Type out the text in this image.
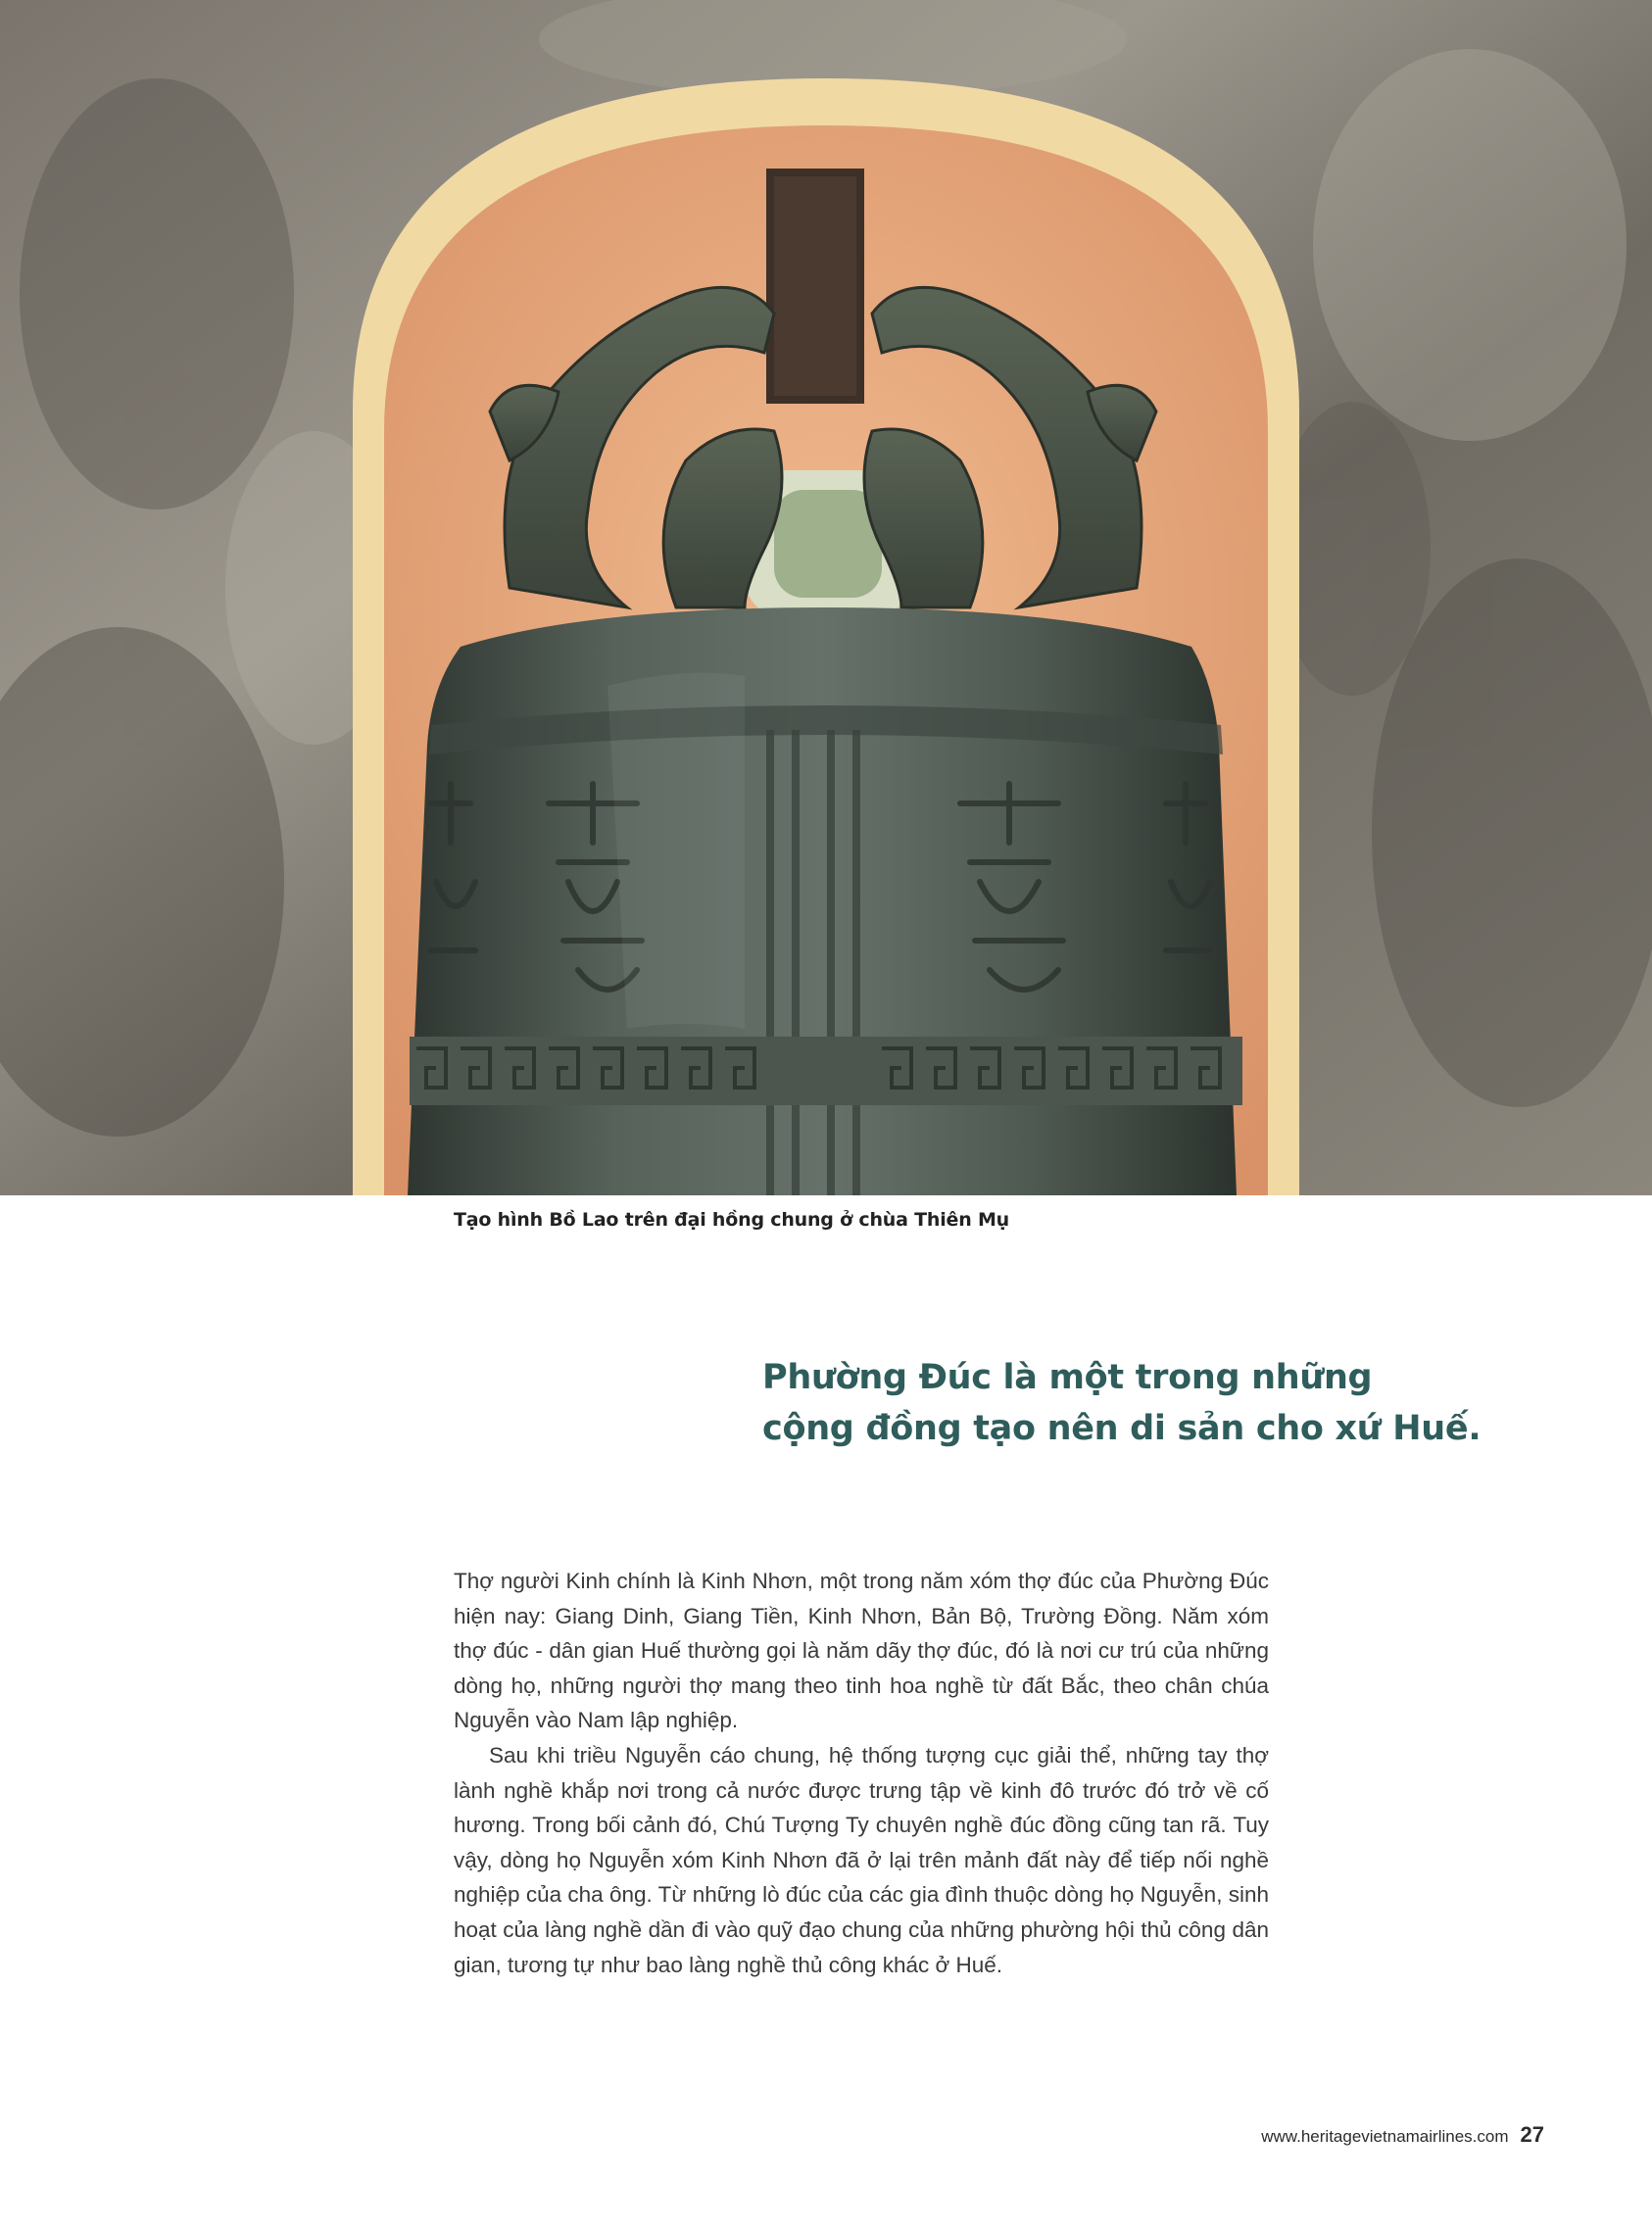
Tạo hình Bồ Lao trên đại hồng chung ở chùa Thiên Mụ
Phường Đúc là một trong những
cộng đồng tạo nên di sản cho xứ Huế.

Thợ người Kinh chính là Kinh Nhơn, một trong năm xóm thợ đúc của Phường Đúc hiện nay: Giang Dinh, Giang Tiền, Kinh Nhơn, Bản Bộ, Trường Đồng. Năm xóm thợ đúc - dân gian Huế thường gọi là năm dãy thợ đúc, đó là nơi cư trú của những dòng họ, những người thợ mang theo tinh hoa nghề từ đất Bắc, theo chân chúa Nguyễn vào Nam lập nghiệp.

Sau khi triều Nguyễn cáo chung, hệ thống tượng cục giải thể, những tay thợ lành nghề khắp nơi trong cả nước được trưng tập về kinh đô trước đó trở về cố hương. Trong bối cảnh đó, Chú Tượng Ty chuyên nghề đúc đồng cũng tan rã. Tuy vậy, dòng họ Nguyễn xóm Kinh Nhơn đã ở lại trên mảnh đất này để tiếp nối nghề nghiệp của cha ông. Từ những lò đúc của các gia đình thuộc dòng họ Nguyễn, sinh hoạt của làng nghề dần đi vào quỹ đạo chung của những phường hội thủ công dân gian, tương tự như bao làng nghề thủ công khác ở Huế.

www.heritagevietnamairlines.com 27
